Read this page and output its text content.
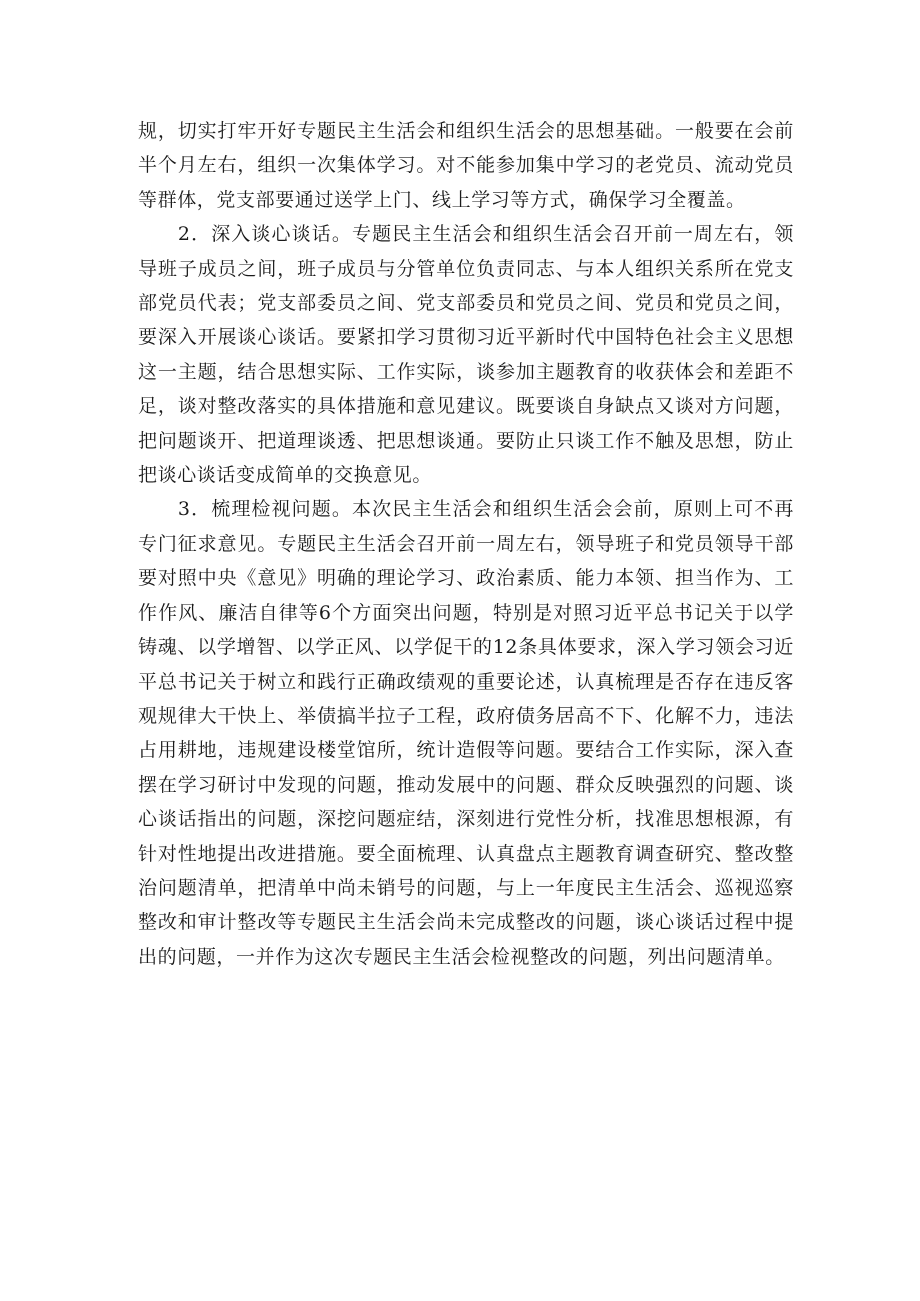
规，切实打牢开好专题民主生活会和组织生活会的思想基础。一般要在会前半个月左右，组织一次集体学习。对不能参加集中学习的老党员、流动党员等群体，党支部要通过送学上门、线上学习等方式，确保学习全覆盖。

2．深入谈心谈话。专题民主生活会和组织生活会召开前一周左右，领导班子成员之间，班子成员与分管单位负责同志、与本人组织关系所在党支部党员代表；党支部委员之间、党支部委员和党员之间、党员和党员之间，要深入开展谈心谈话。要紧扣学习贯彻习近平新时代中国特色社会主义思想这一主题，结合思想实际、工作实际，谈参加主题教育的收获体会和差距不足，谈对整改落实的具体措施和意见建议。既要谈自身缺点又谈对方问题，把问题谈开、把道理谈透、把思想谈通。要防止只谈工作不触及思想，防止把谈心谈话变成简单的交换意见。

3．梳理检视问题。本次民主生活会和组织生活会会前，原则上可不再专门征求意见。专题民主生活会召开前一周左右，领导班子和党员领导干部要对照中央《意见》明确的理论学习、政治素质、能力本领、担当作为、工作作风、廉洁自律等6个方面突出问题，特别是对照习近平总书记关于以学铸魂、以学增智、以学正风、以学促干的12条具体要求，深入学习领会习近平总书记关于树立和践行正确政绩观的重要论述，认真梳理是否存在违反客观规律大干快上、举债搞半拉子工程，政府债务居高不下、化解不力，违法占用耕地，违规建设楼堂馆所，统计造假等问题。要结合工作实际，深入查摆在学习研讨中发现的问题，推动发展中的问题、群众反映强烈的问题、谈心谈话指出的问题，深挖问题症结，深刻进行党性分析，找准思想根源，有针对性地提出改进措施。要全面梳理、认真盘点主题教育调查研究、整改整治问题清单，把清单中尚未销号的问题，与上一年度民主生活会、巡视巡察整改和审计整改等专题民主生活会尚未完成整改的问题，谈心谈话过程中提出的问题，一并作为这次专题民主生活会检视整改的问题，列出问题清单。
